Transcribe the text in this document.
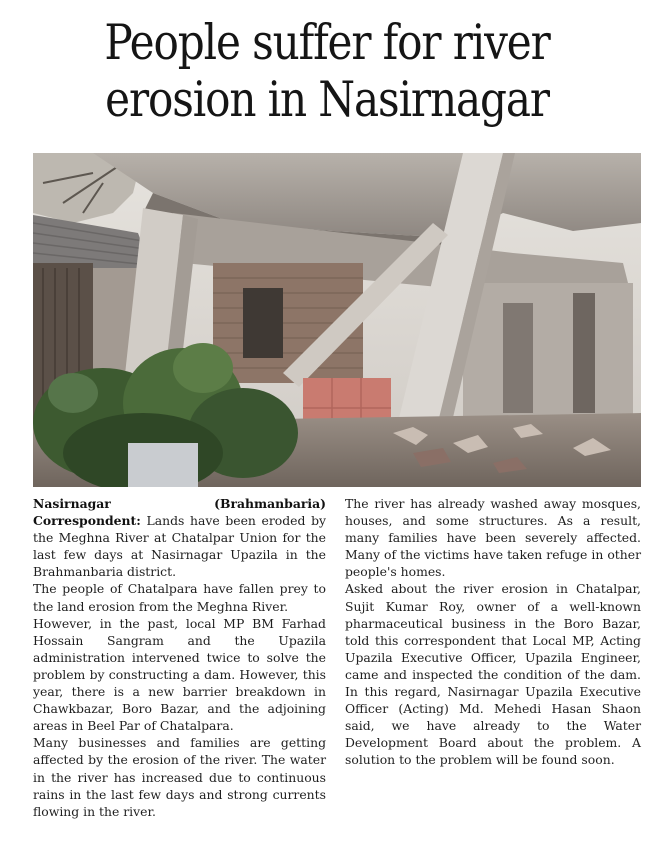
People suffer for river
erosion in Nasirnagar

Nasirnagar (Brahmanbaria) Correspondent: Lands have been eroded by the Meghna River at Chatalpar Union for the last few days at Nasirnagar Upazila in the Brahmanbaria district.

The people of Chatalpara have fallen prey to the land erosion from the Meghna River.

However, in the past, local MP BM Farhad Hossain Sangram and the Upazila administration intervened twice to solve the problem by constructing a dam. However, this year, there is a new barrier breakdown in Chawkbazar, Boro Bazar, and the adjoining areas in Beel Par of Chatalpara.

Many businesses and families are getting affected by the erosion of the river. The water in the river has increased due to continuous rains in the last few days and strong currents flowing in the river.

The river has already washed away mosques, houses, and some structures. As a result, many families have been severely affected. Many of the victims have taken refuge in other people's homes.

Asked about the river erosion in Chatalpar, Sujit Kumar Roy, owner of a well-known pharmaceutical business in the Boro Bazar, told this correspondent that Local MP, Acting Upazila Executive Officer, Upazila Engineer, came and inspected the condition of the dam. In this regard, Nasirnagar Upazila Executive Officer (Acting) Md. Mehedi Hasan Shaon said, we have already to the Water Development Board about the problem. A solution to the problem will be found soon.
